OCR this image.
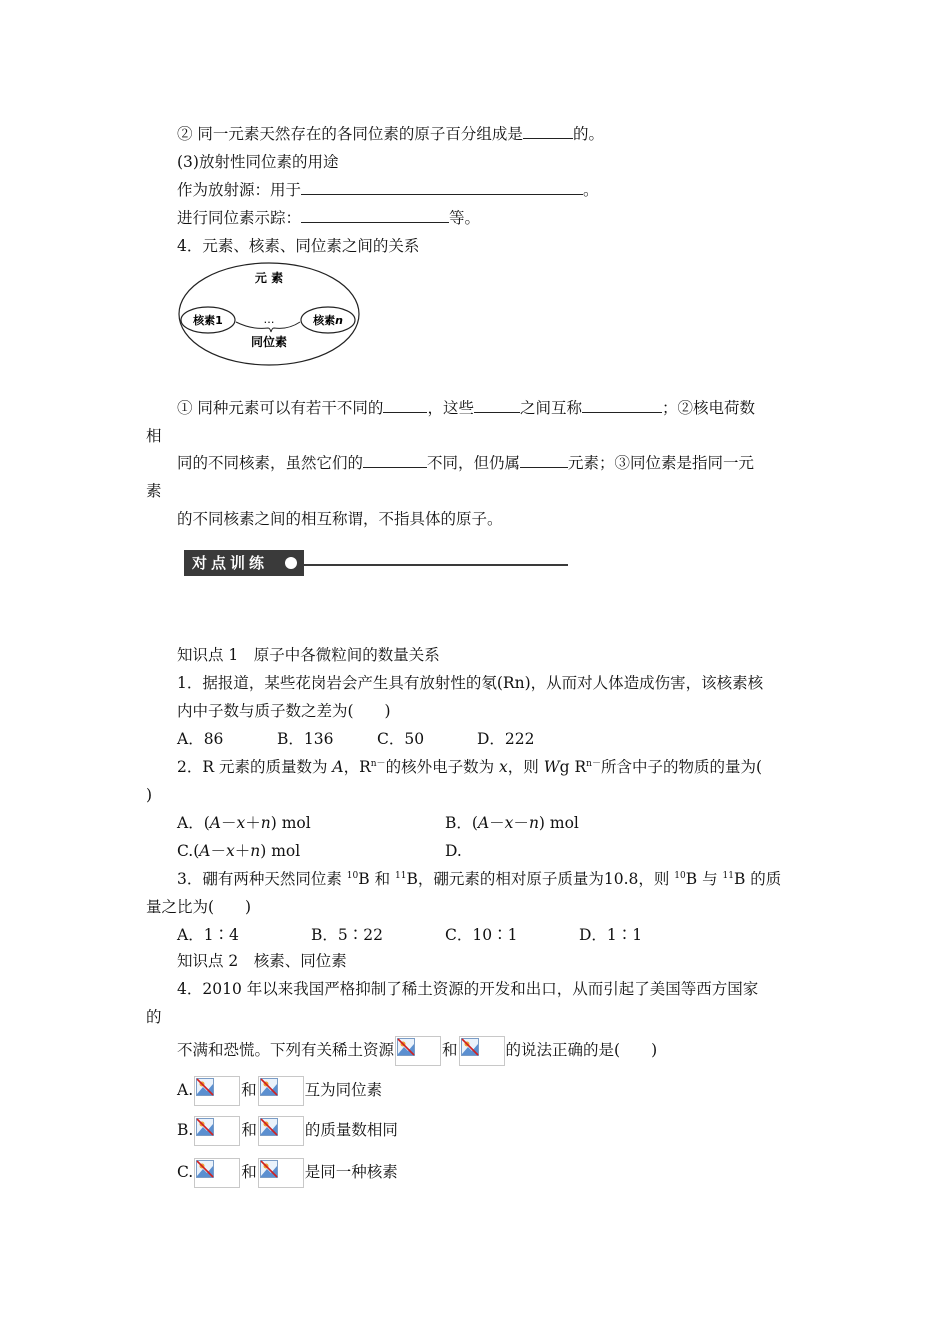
② 同一元素天然存在的各同位素的原子百分组成是	的。
(3)放射性同位素的用途
作为放射源：用于	。
进行同位素示踪：	等。
4．元素、核素、同位素之间的关系
元 素
核素1	…	核素n
同位素
① 同种元素可以有若干不同的	，这些	之间互称	；②核电荷数
相
同的不同核素，虽然它们的	不同，但仍属	元素；③同位素是指同一元
素
的不同核素之间的相互称谓，不指具体的原子。
对点训练
知识点 1　原子中各微粒间的数量关系
1．据报道，某些花岗岩会产生具有放射性的氡(Rn)，从而对人体造成伤害，该核素核
内中子数与质子数之差为(　　)
A．86	B．136	C．50	D．222
2．R 元素的质量数为 A，$R^{n-}$的核外电子数为 x，则 Wg $R^{n-}$所含中子的物质的量为(
)
A．(A－x＋n) mol	B．(A－x－n) mol
C.(A－x＋n) mol	D.
3．硼有两种天然同位素 $^{10}$B 和 $^{11}$B，硼元素的相对原子质量为10.8，则 $^{10}$B 与 $^{11}$B 的质
量之比为(　　)
A．1∶4	B．5∶22	C．10∶1	D．1∶1
知识点 2　核素、同位素
4．2010 年以来我国严格抑制了稀土资源的开发和出口，从而引起了美国等西方国家
的
不满和恐慌。下列有关稀土资源	和	的说法正确的是(　　)
A.	和	互为同位素
B.	和	的质量数相同
C.	和	是同一种核素
